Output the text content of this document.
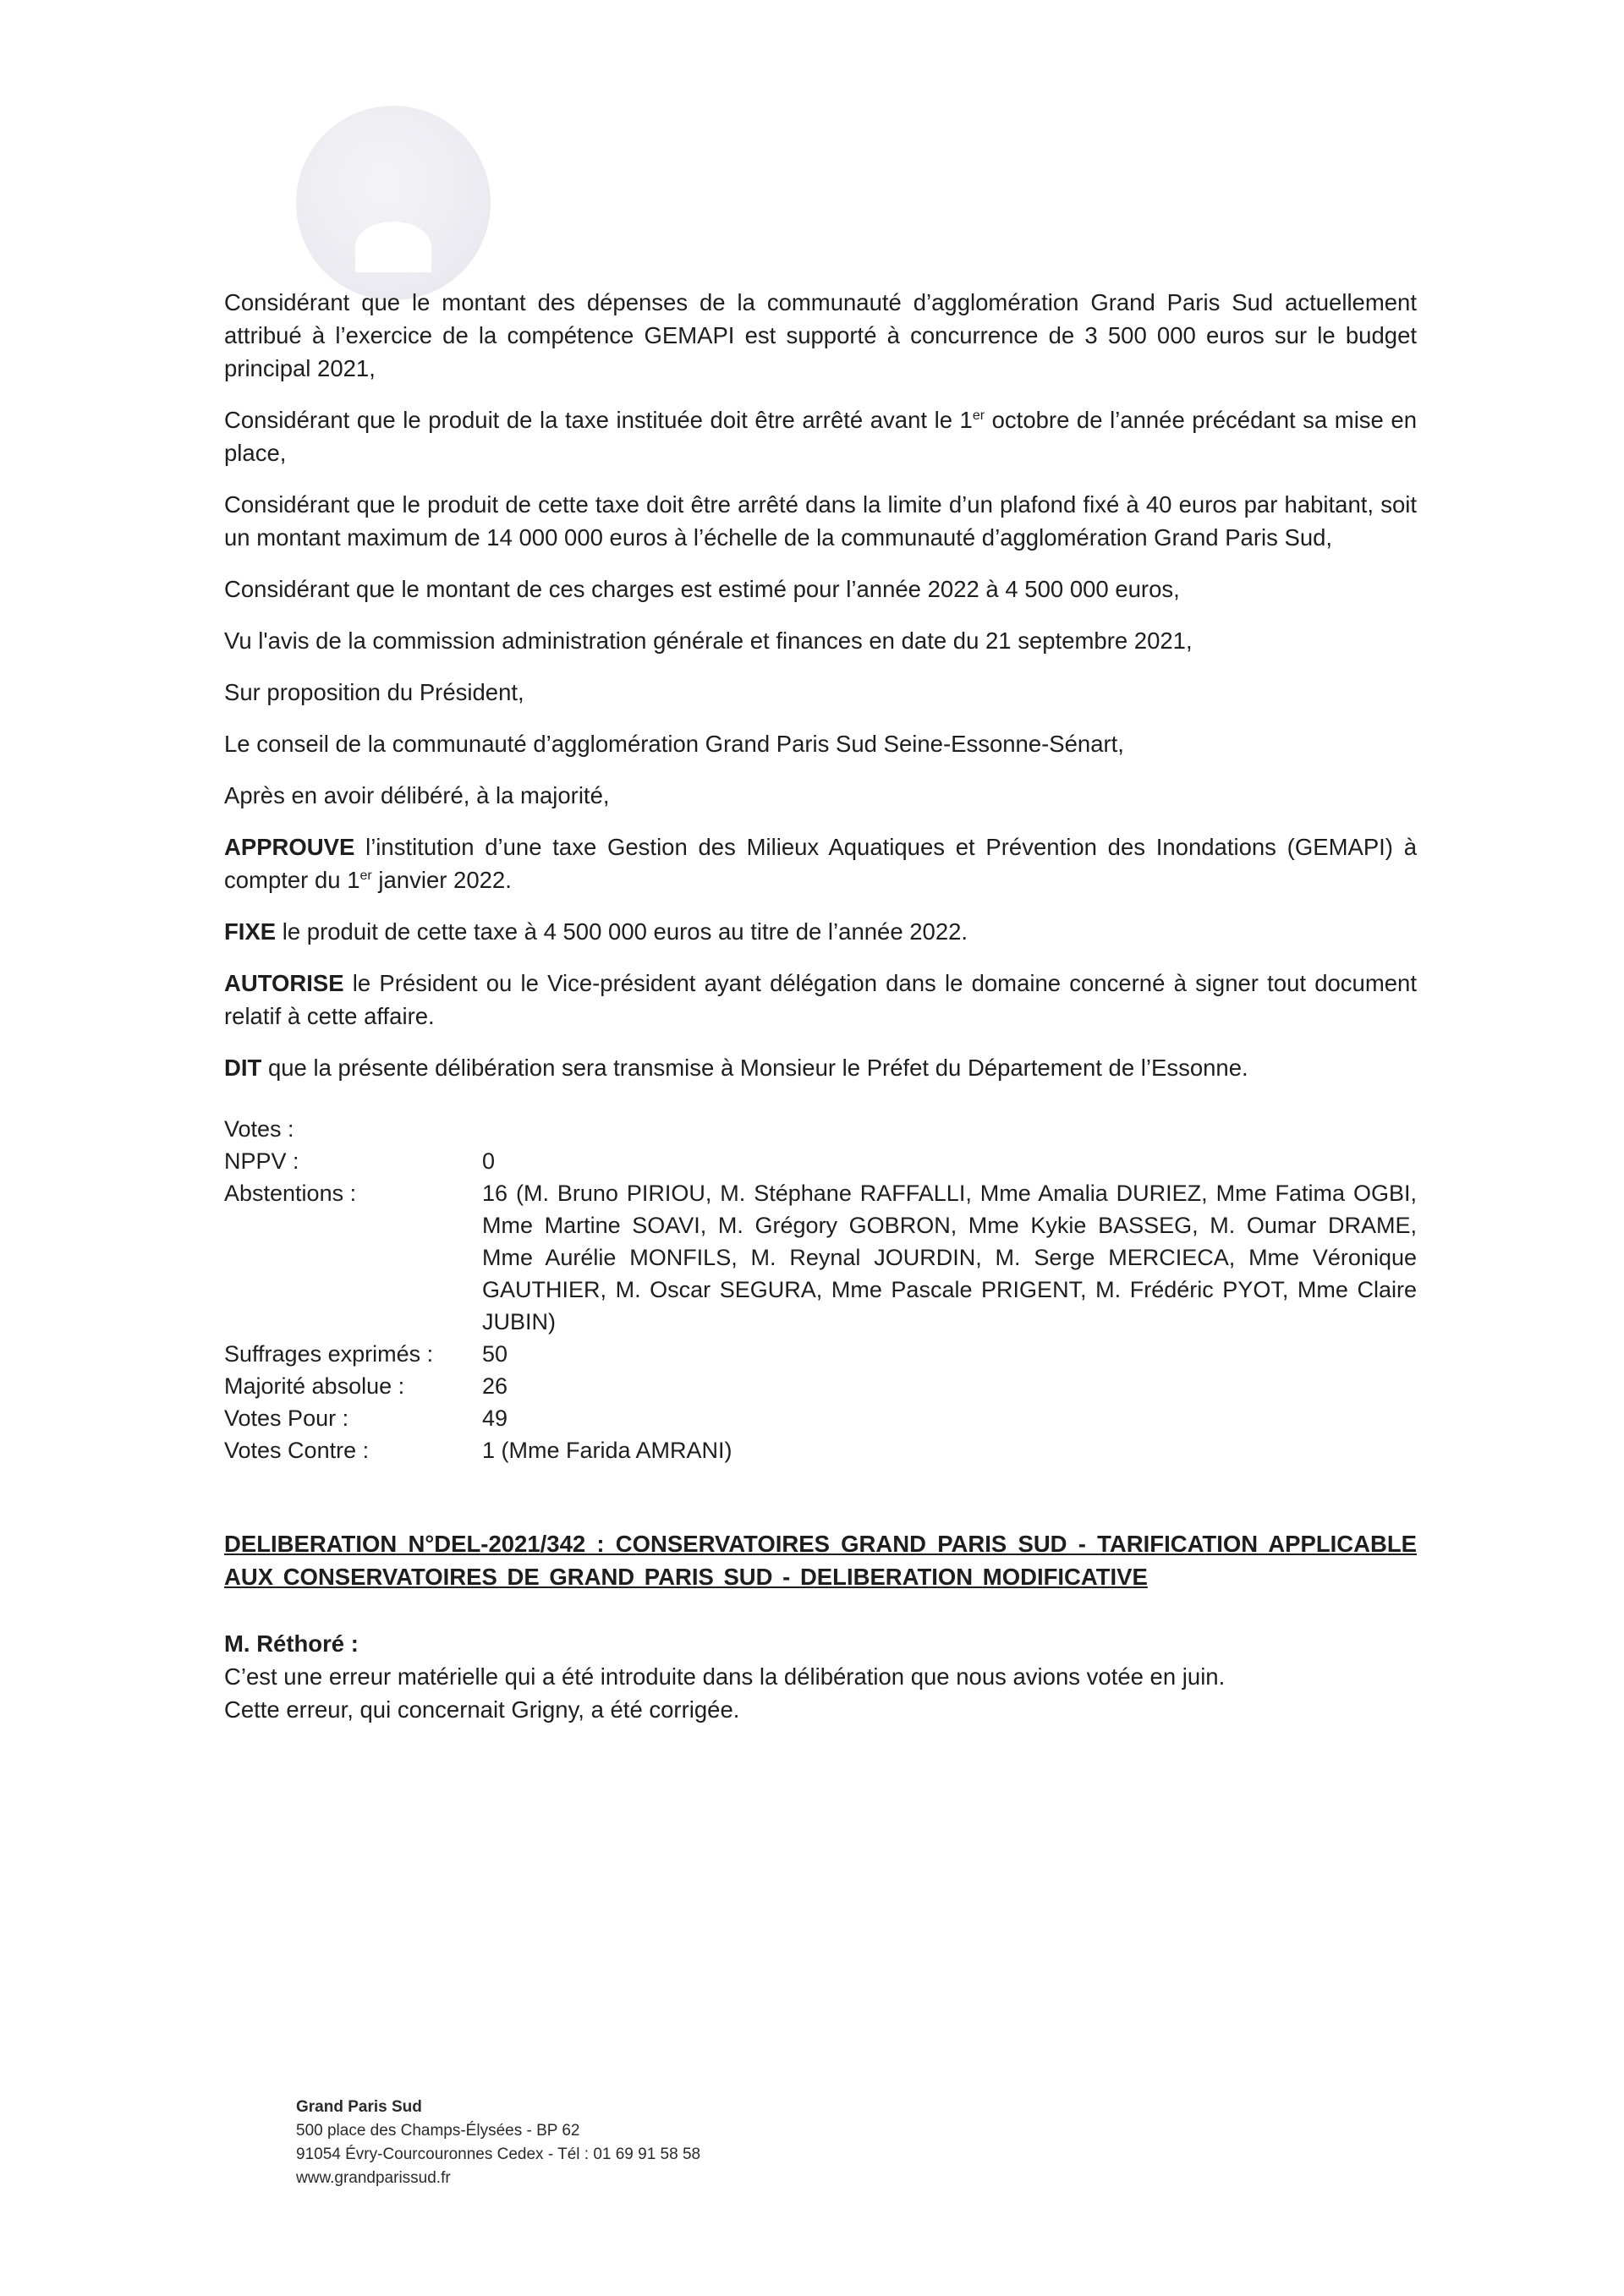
Considérant que le montant des dépenses de la communauté d’agglomération Grand Paris Sud actuellement attribué à l’exercice de la compétence GEMAPI est supporté à concurrence de 3 500 000 euros sur le budget principal 2021,

Considérant que le produit de la taxe instituée doit être arrêté avant le 1er octobre de l’année précédant sa mise en place,

Considérant que le produit de cette taxe doit être arrêté dans la limite d’un plafond fixé à 40 euros par habitant, soit un montant maximum de 14 000 000 euros à l’échelle de la communauté d’agglomération Grand Paris Sud,

Considérant que le montant de ces charges est estimé pour l’année 2022 à 4 500 000 euros,

Vu l'avis de la commission administration générale et finances en date du 21 septembre 2021,

Sur proposition du Président,

Le conseil de la communauté d’agglomération Grand Paris Sud Seine-Essonne-Sénart,

Après en avoir délibéré, à la majorité,

APPROUVE l’institution d’une taxe Gestion des Milieux Aquatiques et Prévention des Inondations (GEMAPI) à compter du 1er janvier 2022.

FIXE le produit de cette taxe à 4 500 000 euros au titre de l’année 2022.

AUTORISE le Président ou le Vice-président ayant délégation dans le domaine concerné à signer tout document relatif à cette affaire.

DIT que la présente délibération sera transmise à Monsieur le Préfet du Département de l’Essonne.

Votes :
NPPV :	0
Abstentions :	16 (M. Bruno PIRIOU, M. Stéphane RAFFALLI, Mme Amalia DURIEZ, Mme Fatima OGBI, Mme Martine SOAVI, M. Grégory GOBRON, Mme Kykie BASSEG, M. Oumar DRAME, Mme Aurélie MONFILS, M. Reynal JOURDIN, M. Serge MERCIECA, Mme Véronique GAUTHIER, M. Oscar SEGURA, Mme Pascale PRIGENT, M. Frédéric PYOT, Mme Claire JUBIN)
Suffrages exprimés :	50
Majorité absolue :	26
Votes Pour :	49
Votes Contre :	1 (Mme Farida AMRANI)
DELIBERATION N°DEL-2021/342 : CONSERVATOIRES GRAND PARIS SUD - TARIFICATION APPLICABLE AUX CONSERVATOIRES DE GRAND PARIS SUD - DELIBERATION MODIFICATIVE
M. Réthoré :

C’est une erreur matérielle qui a été introduite dans la délibération que nous avions votée en juin.

Cette erreur, qui concernait Grigny, a été corrigée.

Grand Paris Sud
500 place des Champs-Élysées - BP 62
91054 Évry-Courcouronnes Cedex - Tél : 01 69 91 58 58
www.grandparissud.fr
